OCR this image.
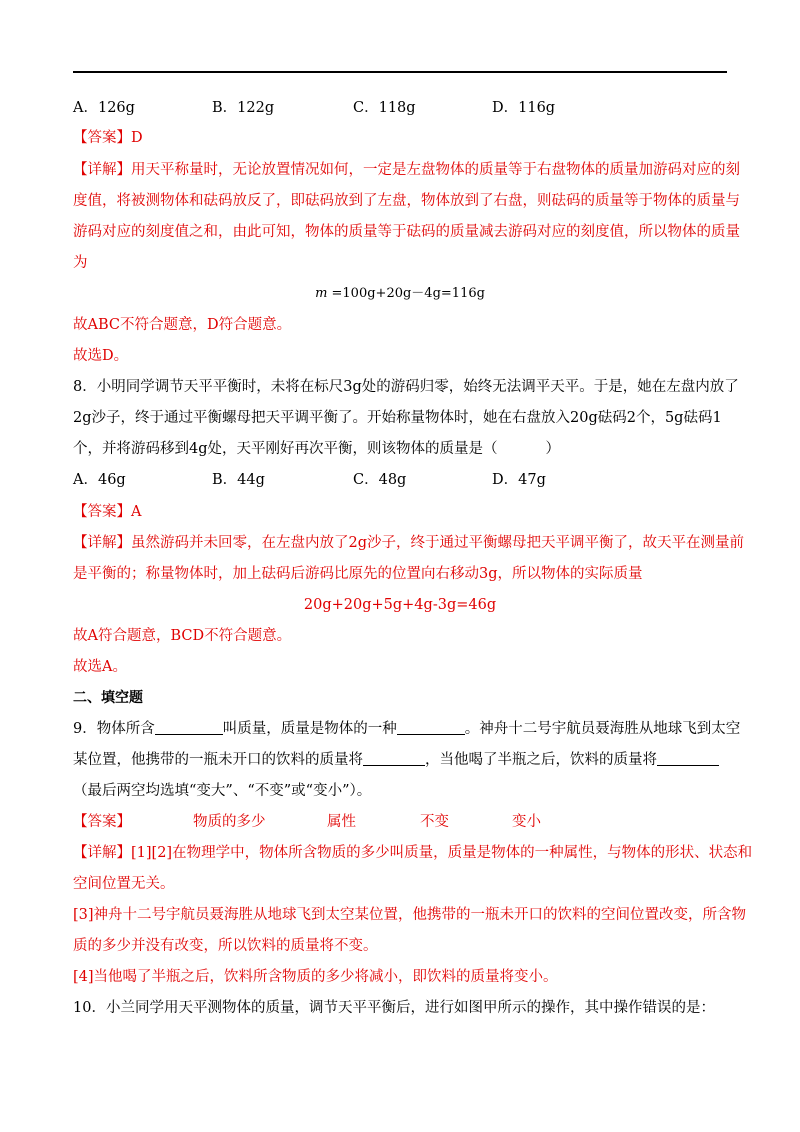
A．126g	B．122g	C．118g	D．116g
【答案】D
【详解】用天平称量时，无论放置情况如何，一定是左盘物体的质量等于右盘物体的质量加游码对应的刻
度值，将被测物体和砝码放反了，即砝码放到了左盘，物体放到了右盘，则砝码的质量等于物体的质量与
游码对应的刻度值之和，由此可知，物体的质量等于砝码的质量减去游码对应的刻度值，所以物体的质量
为
m =100g+20g－4g=116g
故ABC不符合题意，D符合题意。
故选D。
8．小明同学调节天平平衡时，未将在标尺3g处的游码归零，始终无法调平天平。于是，她在左盘内放了
2g沙子，终于通过平衡螺母把天平调平衡了。开始称量物体时，她在右盘放入20g砝码2个，5g砝码1
个，并将游码移到4g处，天平刚好再次平衡，则该物体的质量是（	）
A．46g	B．44g	C．48g	D．47g
【答案】A
【详解】虽然游码并未回零，在左盘内放了2g沙子，终于通过平衡螺母把天平调平衡了，故天平在测量前
是平衡的；称量物体时，加上砝码后游码比原先的位置向右移动3g，所以物体的实际质量
20g+20g+5g+4g-3g=46g
故A符合题意，BCD不符合题意。
故选A。
二、填空题
9．物体所含	叫质量，质量是物体的一种	。神舟十二号宇航员聂海胜从地球飞到太空
某位置，他携带的一瓶未开口的饮料的质量将	，当他喝了半瓶之后，饮料的质量将
（最后两空均选填“变大”、“不变”或“变小”）。
【答案】	物质的多少	属性	不变	变小
【详解】[1][2]在物理学中，物体所含物质的多少叫质量，质量是物体的一种属性，与物体的形状、状态和
空间位置无关。
[3]神舟十二号宇航员聂海胜从地球飞到太空某位置，他携带的一瓶未开口的饮料的空间位置改变，所含物
质的多少并没有改变，所以饮料的质量将不变。
[4]当他喝了半瓶之后，饮料所含物质的多少将减小，即饮料的质量将变小。
10．小兰同学用天平测物体的质量，调节天平平衡后，进行如图甲所示的操作，其中操作错误的是：
